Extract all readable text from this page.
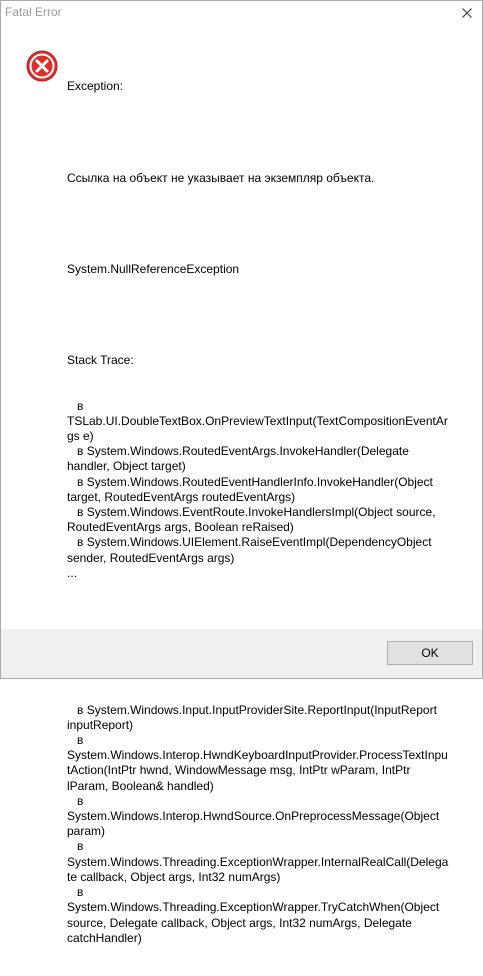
Fatal Error

Exception:

Ссылка на объект не указывает на экземпляр объекта.

System.NullReferenceException

Stack Trace:

в TSLab.UI.DoubleTextBox.OnPreviewTextInput(TextCompositionEventArgs e)
в System.Windows.RoutedEventArgs.InvokeHandler(Delegate handler, Object target)
в System.Windows.RoutedEventHandlerInfo.InvokeHandler(Object target, RoutedEventArgs routedEventArgs)
в System.Windows.EventRoute.InvokeHandlersImpl(Object source, RoutedEventArgs args, Boolean reRaised)
в System.Windows.UIElement.RaiseEventImpl(DependencyObject sender, RoutedEventArgs args)
...

в System.Windows.Input.InputProviderSite.ReportInput(InputReport inputReport)
в System.Windows.Interop.HwndKeyboardInputProvider.ProcessTextInputAction(IntPtr hwnd, WindowMessage msg, IntPtr wParam, IntPtr lParam, Boolean& handled)
в System.Windows.Interop.HwndSource.OnPreprocessMessage(Object param)
в System.Windows.Threading.ExceptionWrapper.InternalRealCall(Delegate callback, Object args, Int32 numArgs)
в System.Windows.Threading.ExceptionWrapper.TryCatchWhen(Object source, Delegate callback, Object args, Int32 numArgs, Delegate catchHandler)

OK
